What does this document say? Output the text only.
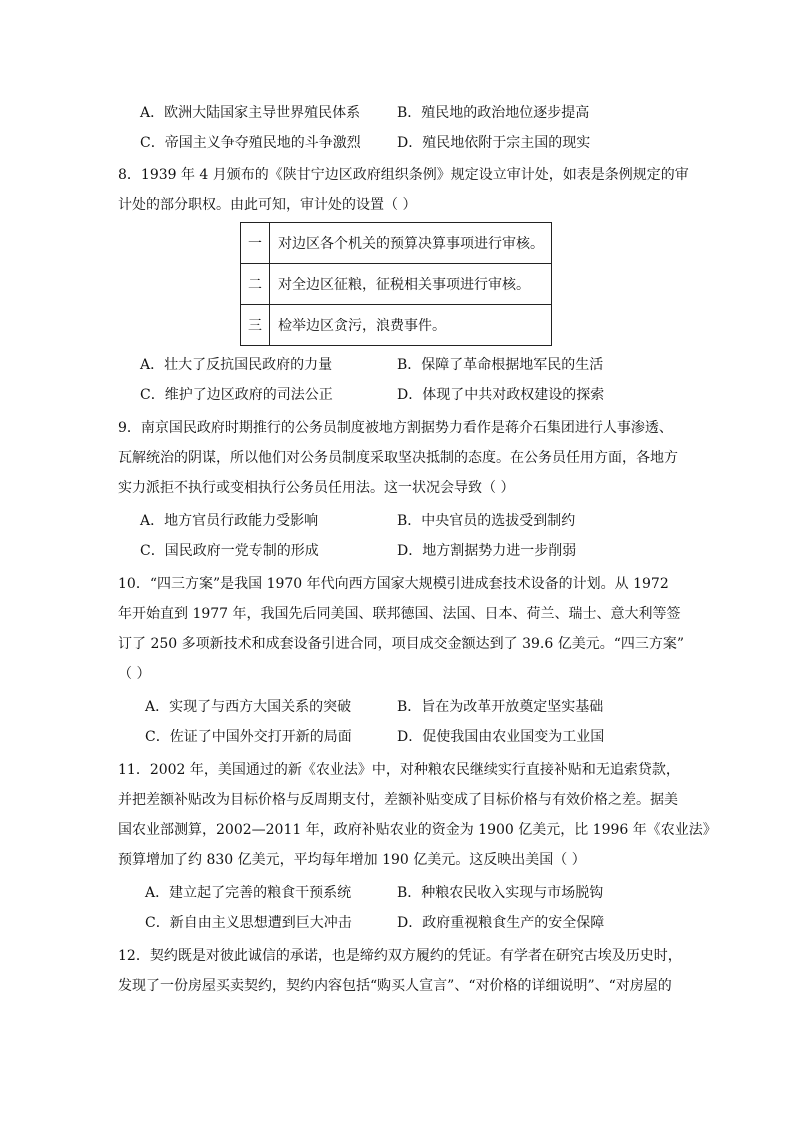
A．欧洲大陆国家主导世界殖民体系	B．殖民地的政治地位逐步提高
C．帝国主义争夺殖民地的斗争激烈	D．殖民地依附于宗主国的现实
8．1939 年 4 月颁布的《陕甘宁边区政府组织条例》规定设立审计处，如表是条例规定的审
计处的部分职权。由此可知，审计处的设置（ ）
一	对边区各个机关的预算决算事项进行审核。
二	对全边区征粮，征税相关事项进行审核。
三	检举边区贪污，浪费事件。
A．壮大了反抗国民政府的力量	B．保障了革命根据地军民的生活
C．维护了边区政府的司法公正	D．体现了中共对政权建设的探索
9．南京国民政府时期推行的公务员制度被地方割据势力看作是蒋介石集团进行人事渗透、
瓦解统治的阴谋，所以他们对公务员制度采取坚决抵制的态度。在公务员任用方面，各地方
实力派拒不执行或变相执行公务员任用法。这一状况会导致（ ）
A．地方官员行政能力受影响	B．中央官员的选拔受到制约
C．国民政府一党专制的形成	D．地方割据势力进一步削弱
10．“四三方案”是我国 1970 年代向西方国家大规模引进成套技术设备的计划。从 1972
年开始直到 1977 年，我国先后同美国、联邦德国、法国、日本、荷兰、瑞士、意大利等签
订了 250 多项新技术和成套设备引进合同，项目成交金额达到了 39.6 亿美元。“四三方案”
（ ）
A．实现了与西方大国关系的突破	B．旨在为改革开放奠定坚实基础
C．佐证了中国外交打开新的局面	D．促使我国由农业国变为工业国
11．2002 年，美国通过的新《农业法》中，对种粮农民继续实行直接补贴和无追索贷款，
并把差额补贴改为目标价格与反周期支付，差额补贴变成了目标价格与有效价格之差。据美
国农业部测算，2002—2011 年，政府补贴农业的资金为 1900 亿美元，比 1996 年《农业法》
预算增加了约 830 亿美元，平均每年增加 190 亿美元。这反映出美国（ ）
A．建立起了完善的粮食干预系统	B．种粮农民收入实现与市场脱钩
C．新自由主义思想遭到巨大冲击	D．政府重视粮食生产的安全保障
12．契约既是对彼此诚信的承诺，也是缔约双方履约的凭证。有学者在研究古埃及历史时，
发现了一份房屋买卖契约，契约内容包括“购买人宣言”、“对价格的详细说明”、“对房屋的
